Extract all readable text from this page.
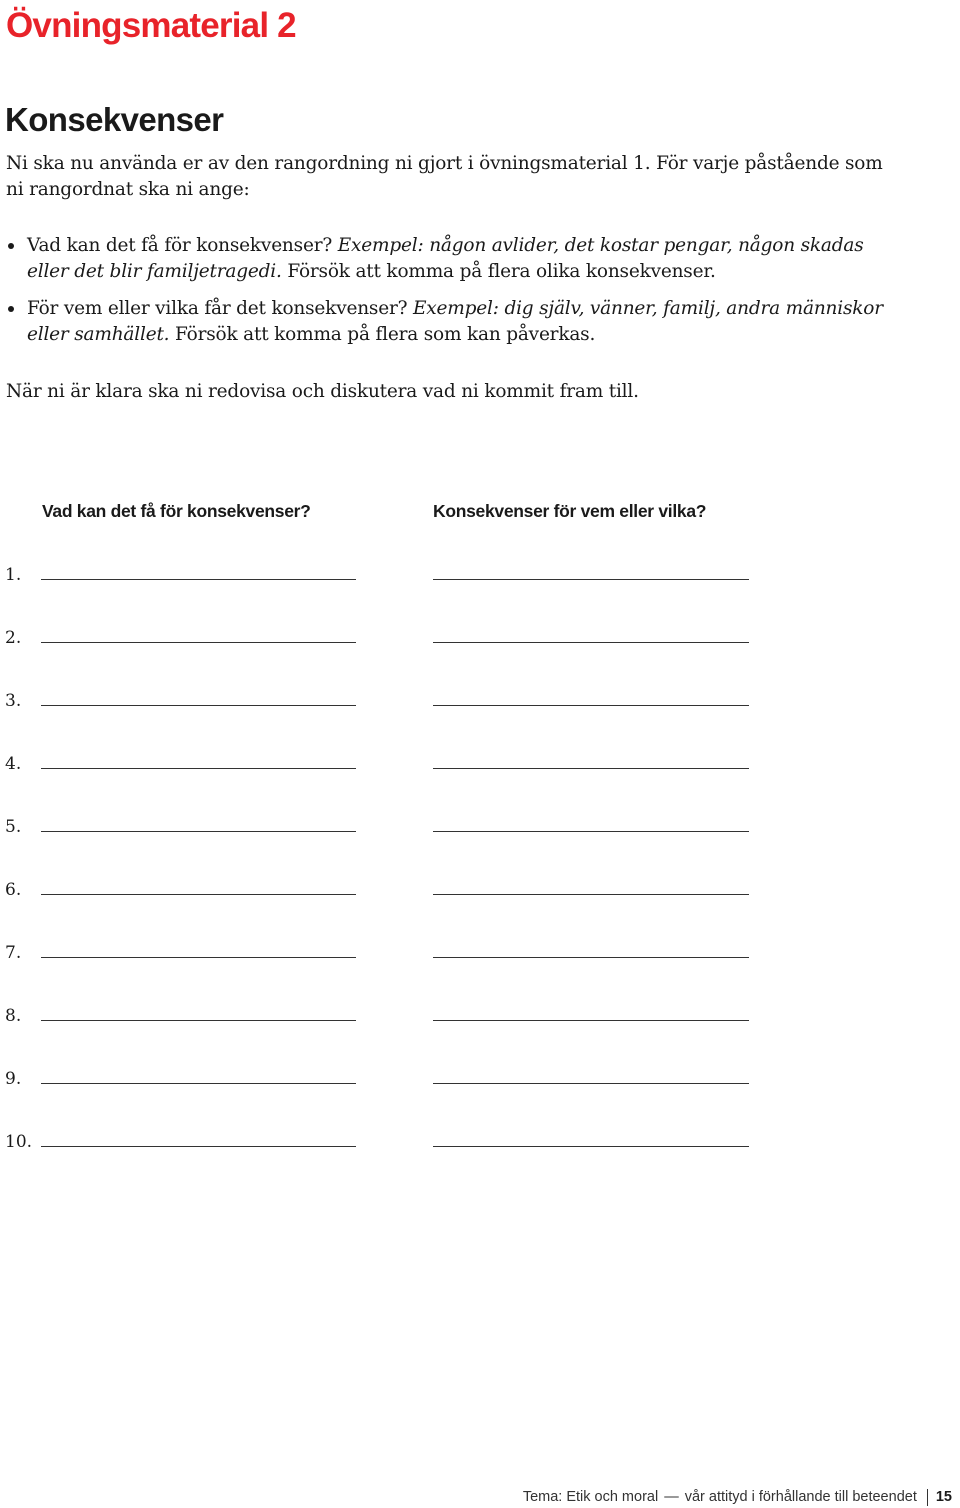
Övningsmaterial 2
Konsekvenser

Ni ska nu använda er av den rangordning ni gjort i övningsmaterial 1. För varje påstående som ni rangordnat ska ni ange:

Vad kan det få för konsekvenser? Exempel: någon avlider, det kostar pengar, någon skadas eller det blir familjetragedi. Försök att komma på flera olika konsekvenser.
För vem eller vilka får det konsekvenser? Exempel: dig själv, vänner, familj, andra människor eller samhället. Försök att komma på flera som kan påverkas.

När ni är klara ska ni redovisa och diskutera vad ni kommit fram till.

Vad kan det få för konsekvenser?	Konsekvenser för vem eller vilka?
1.
2.
3.
4.
5.
6.
7.
8.
9.
10.
Tema: Etik och moral — vår attityd i förhållande till beteendet 15
